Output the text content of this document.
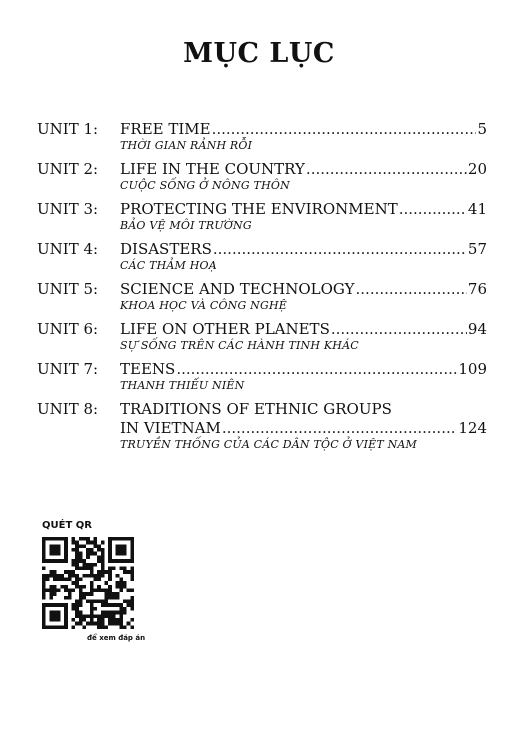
MỤC LỤC
UNIT 1:	FREE TIME .....	5
THỜI GIAN RẢNH RỖI
UNIT 2:	LIFE IN THE COUNTRY .....	20
CUỘC SỐNG Ở NÔNG THÔN
UNIT 3:	PROTECTING THE ENVIRONMENT .....	41
BẢO VỆ MÔI TRƯỜNG
UNIT 4:	DISASTERS .....	57
CÁC THẢM HOẠ
UNIT 5:	SCIENCE AND TECHNOLOGY .....	76
KHOA HỌC VÀ CÔNG NGHỆ
UNIT 6:	LIFE ON OTHER PLANETS .....	94
SỰ SỐNG TRÊN CÁC HÀNH TINH KHÁC
UNIT 7:	TEENS .....	109
THANH THIẾU NIÊN
UNIT 8:	TRADITIONS OF ETHNIC GROUPS
IN VIETNAM .....	124
TRUYỀN THỐNG CỦA CÁC DÂN TỘC Ở VIỆT NAM
QUÉT QR
để xem đáp án
